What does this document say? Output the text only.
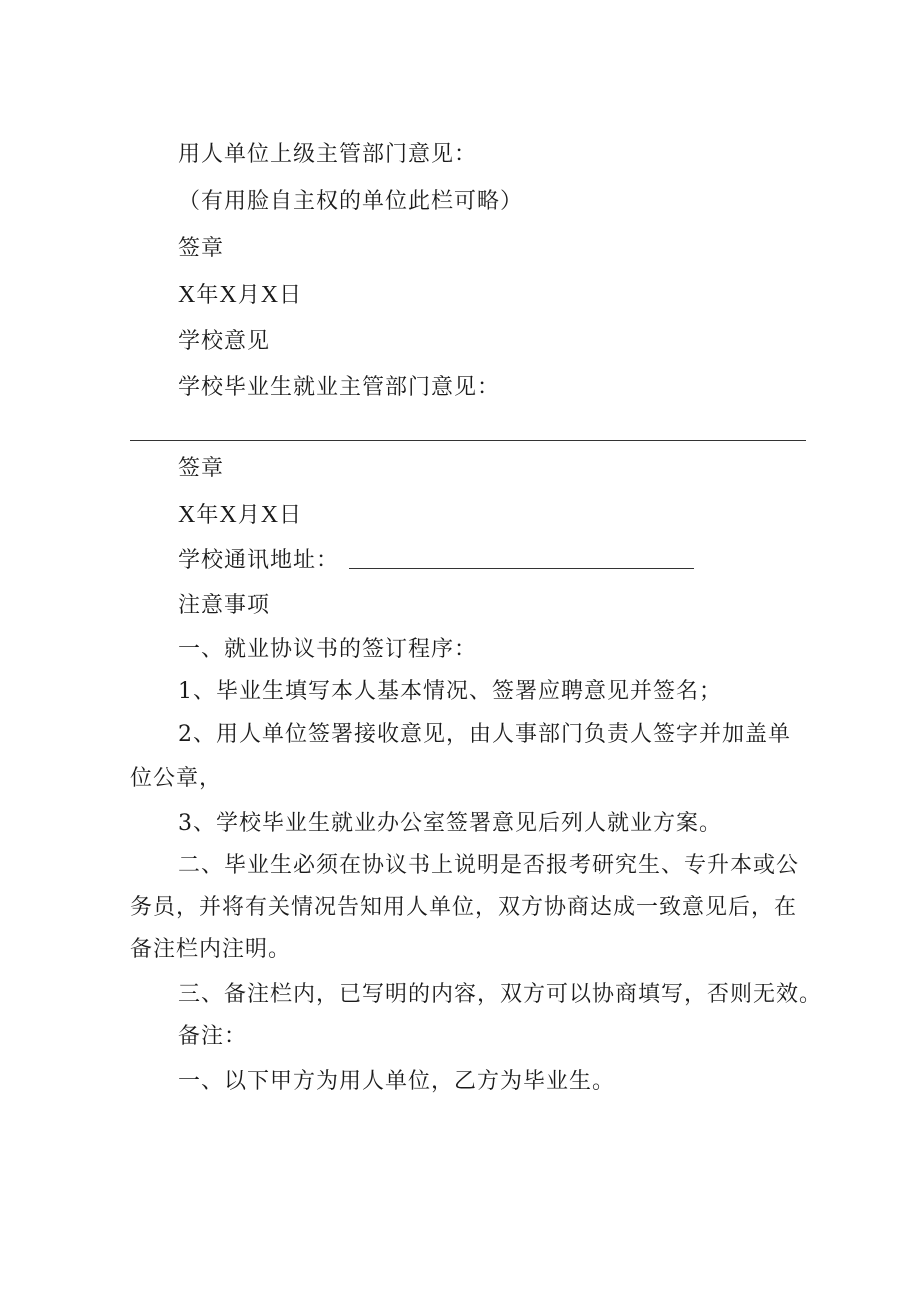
用人单位上级主管部门意见：
（有用脸自主权的单位此栏可略）
签章
X年X月X日
学校意见
学校毕业生就业主管部门意见：
签章
X年X月X日
学校通讯地址：
注意事项
一、就业协议书的签订程序：
1、毕业生填写本人基本情况、签署应聘意见并签名；
2、用人单位签署接收意见，由人事部门负责人签字并加盖单
位公章，
3、学校毕业生就业办公室签署意见后列人就业方案。
二、毕业生必须在协议书上说明是否报考研究生、专升本或公
务员，并将有关情况告知用人单位，双方协商达成一致意见后，在
备注栏内注明。
三、备注栏内，已写明的内容，双方可以协商填写，否则无效。
备注：
一、以下甲方为用人单位，乙方为毕业生。
